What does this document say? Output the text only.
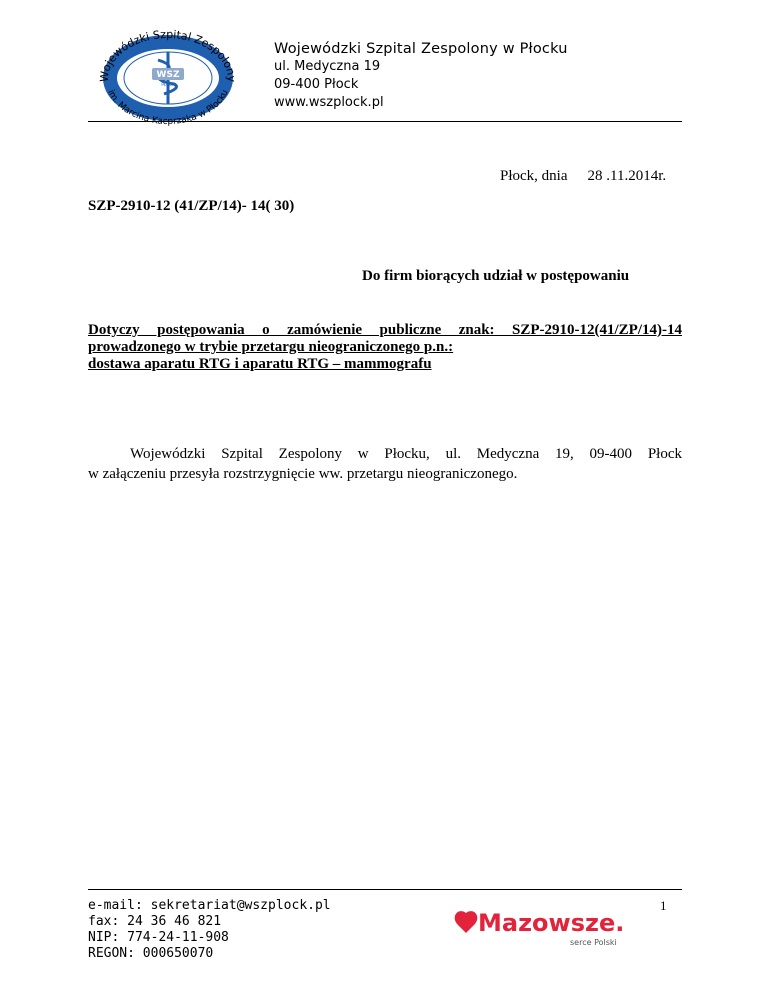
Wojewódzki Szpital Zespolony
im. Marcina Kacprzaka w Płocku
WSZ
PŁOCK
Wojewódzki Szpital Zespolony w Płocku
ul. Medyczna 19
09-400 Płock
www.wszplock.pl
Płock, dnia 28 .11.2014r.
SZP-2910-12 (41/ZP/14)- 14( 30)
Do firm biorących udział w postępowaniu
Dotyczy postępowania o zamówienie publiczne znak: SZP-2910-12(41/ZP/14)-14
prowadzonego w trybie przetargu nieograniczonego p.n.:
dostawa aparatu RTG i aparatu RTG – mammografu
Wojewódzki Szpital Zespolony w Płocku, ul. Medyczna 19, 09-400 Płock
w załączeniu przesyła rozstrzygnięcie ww. przetargu nieograniczonego.
e-mail: sekretariat@wszplock.pl
fax: 24 36 46 821
NIP: 774-24-11-908
REGON: 000650070
1
Mazowsze.
serce Polski
